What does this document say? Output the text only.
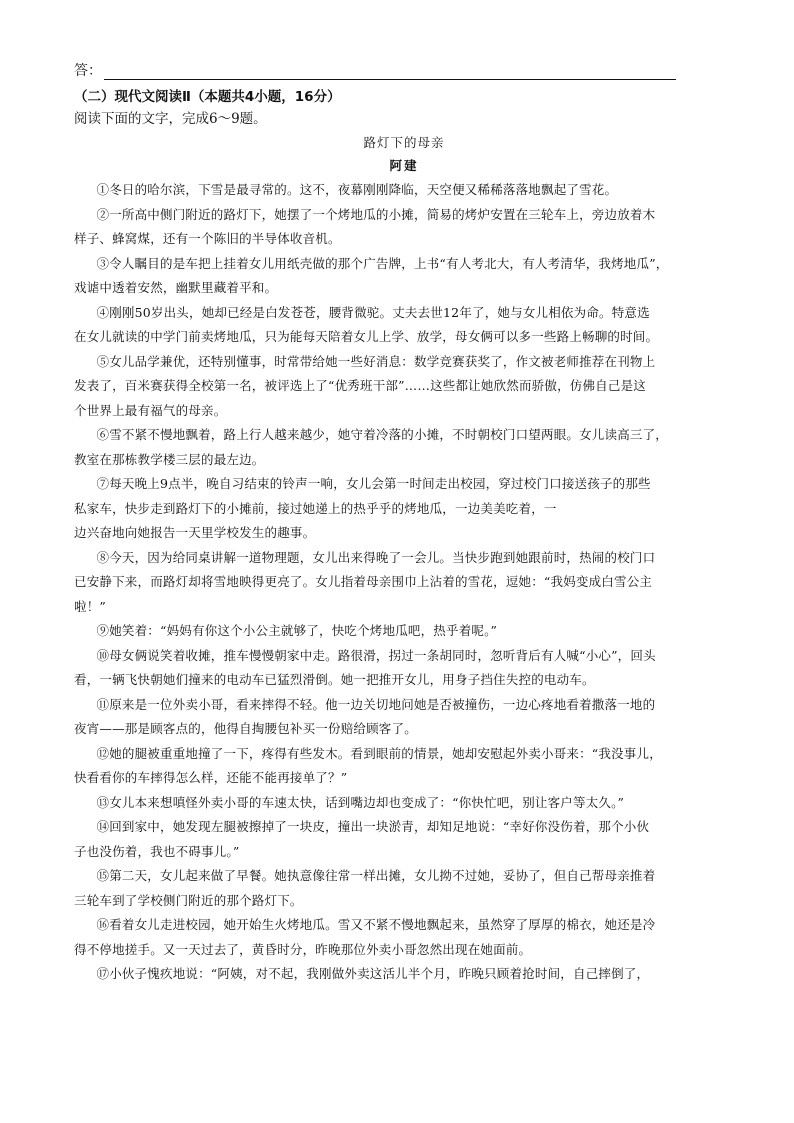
答：
（二）现代文阅读Ⅱ（本题共4小题，16分）
阅读下面的文字，完成6～9题。
路灯下的母亲
阿建
①冬日的哈尔滨，下雪是最寻常的。这不，夜幕刚刚降临，天空便又稀稀落落地飘起了雪花。
②一所高中侧门附近的路灯下，她摆了一个烤地瓜的小摊，简易的烤炉安置在三轮车上，旁边放着木
样子、蜂窝煤，还有一个陈旧的半导体收音机。
③令人瞩目的是车把上挂着女儿用纸壳做的那个广告牌，上书“有人考北大，有人考清华，我烤地瓜”，
戏谑中透着安然，幽默里藏着平和。
④刚刚50岁出头，她却已经是白发苍苍，腰背微驼。丈夫去世12年了，她与女儿相依为命。特意选
在女儿就读的中学门前卖烤地瓜，只为能每天陪着女儿上学、放学，母女俩可以多一些路上畅聊的时间。
⑤女儿品学兼优，还特别懂事，时常带给她一些好消息：数学竞赛获奖了，作文被老师推荐在刊物上
发表了，百米赛获得全校第一名，被评选上了“优秀班干部”……这些都让她欣然而骄傲，仿佛自己是这
个世界上最有福气的母亲。
⑥雪不紧不慢地飘着，路上行人越来越少，她守着冷落的小摊，不时朝校门口望两眼。女儿读高三了，
教室在那栋教学楼三层的最左边。
⑦每天晚上9点半，晚自习结束的铃声一响，女儿会第一时间走出校园，穿过校门口接送孩子的那些
私家车，快步走到路灯下的小摊前，接过她递上的热乎乎的烤地瓜，一边美美吃着，一
边兴奋地向她报告一天里学校发生的趣事。
⑧今天，因为给同桌讲解一道物理题，女儿出来得晚了一会儿。当快步跑到她跟前时，热闹的校门口
已安静下来，而路灯却将雪地映得更亮了。女儿指着母亲围巾上沾着的雪花，逗她：“我妈变成白雪公主
啦！”
⑨她笑着：“妈妈有你这个小公主就够了，快吃个烤地瓜吧，热乎着呢。”
⑩母女俩说笑着收摊，推车慢慢朝家中走。路很滑，拐过一条胡同时，忽听背后有人喊“小心”，回头
看，一辆飞快朝她们撞来的电动车已猛烈滑倒。她一把推开女儿，用身子挡住失控的电动车。
⑪原来是一位外卖小哥，看来摔得不轻。他一边关切地问她是否被撞伤，一边心疼地看着撒落一地的
夜宵——那是顾客点的，他得自掏腰包补买一份赔给顾客了。
⑫她的腿被重重地撞了一下，疼得有些发木。看到眼前的情景，她却安慰起外卖小哥来：“我没事儿，
快看看你的车摔得怎么样，还能不能再接单了？”
⑬女儿本来想嗔怪外卖小哥的车速太快，话到嘴边却也变成了：“你快忙吧，别让客户等太久。”
⑭回到家中，她发现左腿被擦掉了一块皮，撞出一块淤青，却知足地说：“幸好你没伤着，那个小伙
子也没伤着，我也不碍事儿。”
⑮第二天，女儿起来做了早餐。她执意像往常一样出摊，女儿拗不过她，妥协了，但自己帮母亲推着
三轮车到了学校侧门附近的那个路灯下。
⑯看着女儿走进校园，她开始生火烤地瓜。雪又不紧不慢地飘起来，虽然穿了厚厚的棉衣，她还是冷
得不停地搓手。又一天过去了，黄昏时分，昨晚那位外卖小哥忽然出现在她面前。
⑰小伙子愧疚地说：“阿姨，对不起，我刚做外卖这活儿半个月，昨晚只顾着抢时间，自己摔倒了，
